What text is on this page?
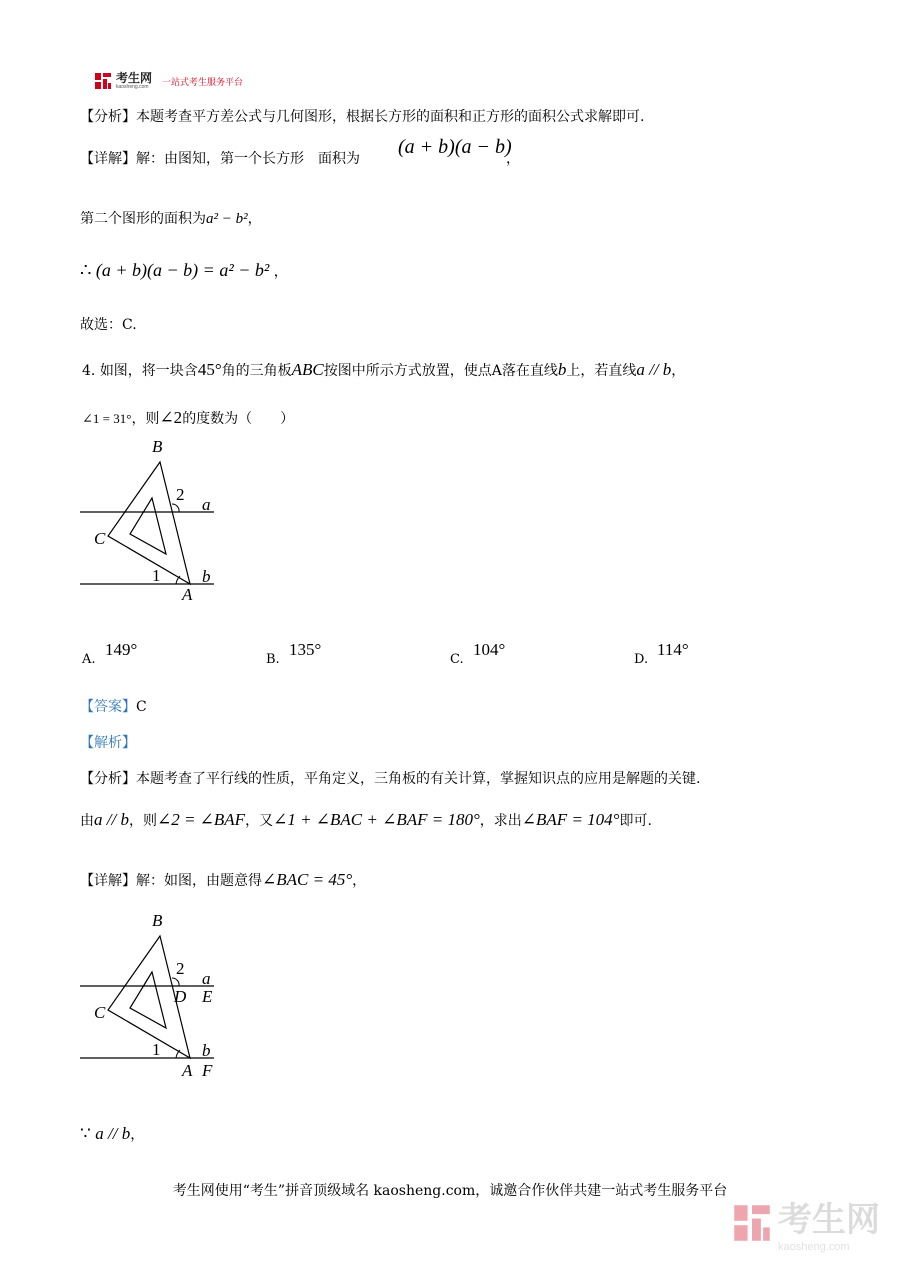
考生网
kaosheng.com	一站式考生服务平台
【分析】本题考查平方差公式与几何图形，根据长方形的面积和正方形的面积公式求解即可.
【详解】解：由图知，第一个长方形　面积为
(a + b)(a − b)
，
第二个图形的面积为a² − b²，
∴ (a + b)(a − b) = a² − b² ，
故选：C.
4. 如图，将一块含45°角的三角板ABC按图中所示方式放置，使点A落在直线b上，若直线a // b，
∠1 = 31°，则∠2的度数为（　　）
B
C
A
a
b
1
2
A.
149°
B.
135°
C.
104°
D.
114°
【答案】C
【解析】
【分析】本题考查了平行线的性质，平角定义，三角板的有关计算，掌握知识点的应用是解题的关键.
由a // b，则∠2 = ∠BAF，又∠1 + ∠BAC + ∠BAF = 180°，求出∠BAF = 104°即可.
【详解】解：如图，由题意得∠BAC = 45°，
B
C
A F
a
E
D
b
1
2
∵ a // b，
考生网使用“考生”拼音顶级域名 kaosheng.com，诚邀合作伙伴共建一站式考生服务平台
考生网
kaosheng.com
